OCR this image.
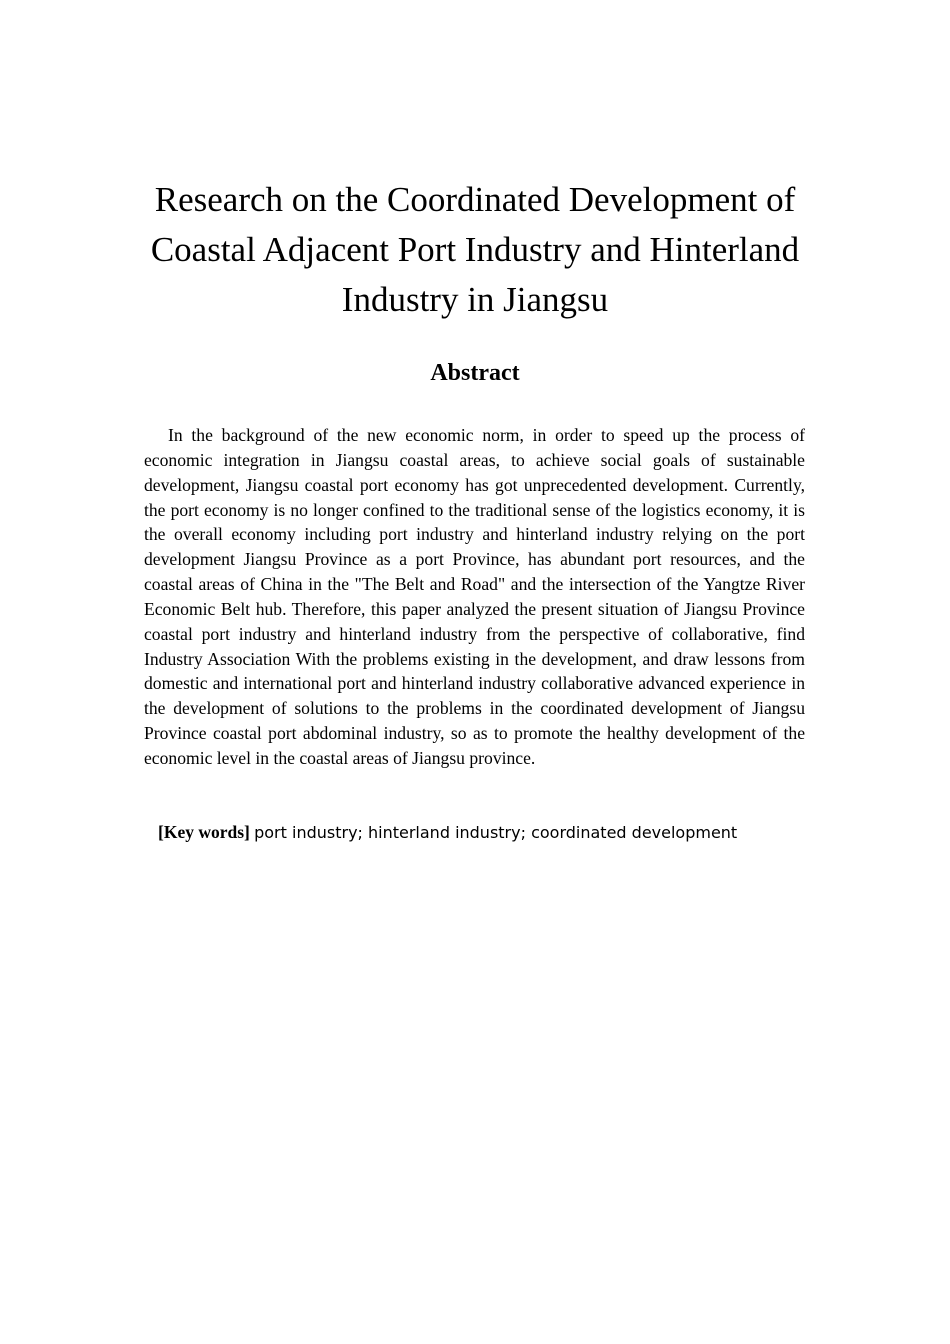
Research on the Coordinated Development of Coastal Adjacent Port Industry and Hinterland Industry in Jiangsu
Abstract

In the background of the new economic norm, in order to speed up the process of economic integration in Jiangsu coastal areas, to achieve social goals of sustainable development, Jiangsu coastal port economy has got unprecedented development. Currently, the port economy is no longer confined to the traditional sense of the logistics economy, it is the overall economy including port industry and hinterland industry relying on the port development Jiangsu Province as a port Province, has abundant port resources, and the coastal areas of China in the "The Belt and Road" and the intersection of the Yangtze River Economic Belt hub. Therefore, this paper analyzed the present situation of Jiangsu Province coastal port industry and hinterland industry from the perspective of collaborative, find Industry Association With the problems existing in the development, and draw lessons from domestic and international port and hinterland industry collaborative advanced experience in the development of solutions to the problems in the coordinated development of Jiangsu Province coastal port abdominal industry, so as to promote the healthy development of the economic level in the coastal areas of Jiangsu province.

[Key words] port industry; hinterland industry; coordinated development
